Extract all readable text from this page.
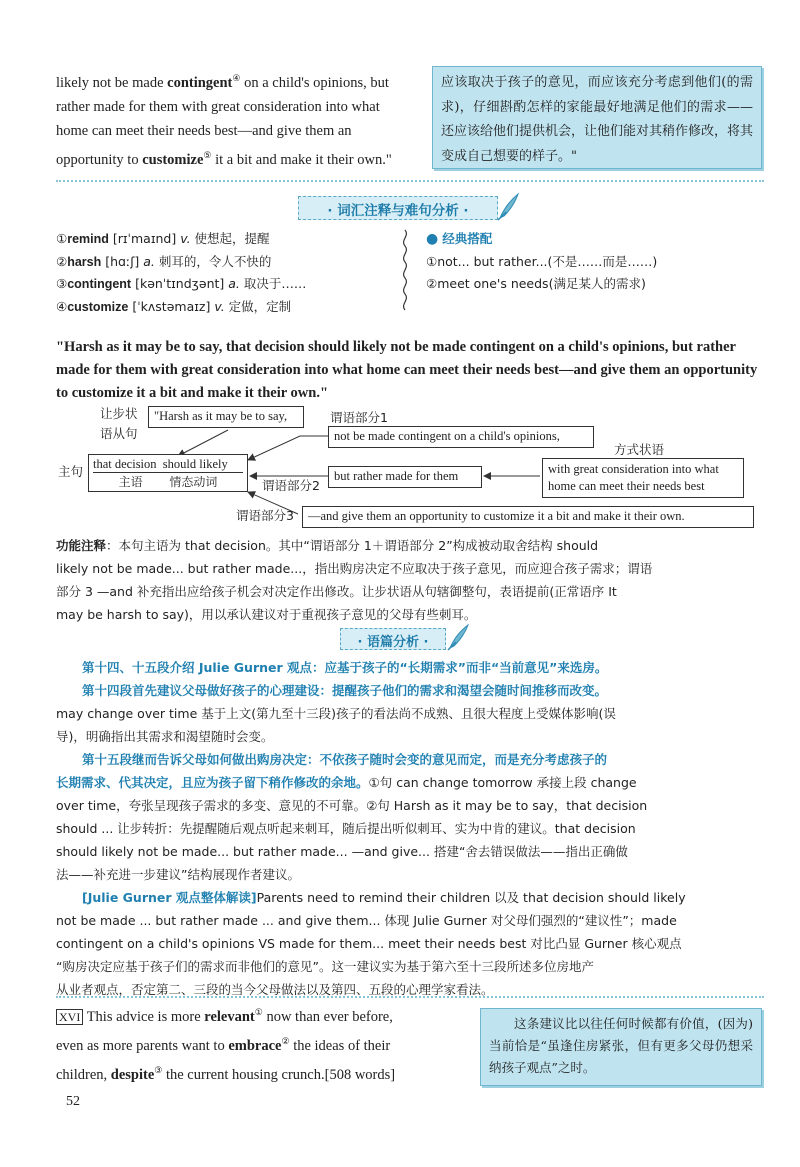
likely not be made contingent④ on a child's opinions, but
rather made for them with great consideration into what
home can meet their needs best—and give them an
opportunity to customize⑤ it a bit and make it their own."
应该取决于孩子的意见，而应该充分考虑到他们(的需求)，仔细斟酌怎样的家能最好地满足他们的需求——还应该给他们提供机会，让他们能对其稍作修改，将其变成自己想要的样子。"
· 词汇注释与难句分析 ·
①remind [rɪˈmaɪnd] v. 使想起，提醒
②harsh [hɑːʃ] a. 刺耳的，令人不快的
③contingent [kənˈtɪndʒənt] a. 取决于……
④customize [ˈkʌstəmaɪz] v. 定做，定制
● 经典搭配
①not... but rather...(不是……而是……)
②meet one's needs(满足某人的需求)
"Harsh as it may be to say, that decision should likely not be made contingent on a child's opinions, but rather made for them with great consideration into what home can meet their needs best—and give them an opportunity to customize it a bit and make it their own."
让步状
语从句
"Harsh as it may be to say,	谓语部分1
not be made contingent on a child's opinions,
主句 that decision should likely
主语 情态动词	谓语部分2
but rather made for them
方式状语
with great consideration into what
home can meet their needs best
谓语部分3	—and give them an opportunity to customize it a bit and make it their own.
功能注释：本句主语为 that decision。其中“谓语部分 1＋谓语部分 2”构成被动取舍结构 should
likely not be made... but rather made...，指出购房决定不应取决于孩子意见，而应迎合孩子需求；谓语
部分 3 —and 补充指出应给孩子机会对决定作出修改。让步状语从句辖御整句，表语提前(正常语序 It
may be harsh to say)，用以承认建议对于重视孩子意见的父母有些刺耳。
· 语篇分析 ·
第十四、十五段介绍 Julie Gurner 观点：应基于孩子的“长期需求”而非“当前意见”来选房。
第十四段首先建议父母做好孩子的心理建设：提醒孩子他们的需求和渴望会随时间推移而改变。
may change over time 基于上文(第九至十三段)孩子的看法尚不成熟、且很大程度上受媒体影响(误
导)，明确指出其需求和渴望随时会变。
第十五段继而告诉父母如何做出购房决定：不依孩子随时会变的意见而定，而是充分考虑孩子的
长期需求、代其决定，且应为孩子留下稍作修改的余地。①句 can change tomorrow 承接上段 change
over time，夸张呈现孩子需求的多变、意见的不可靠。②句 Harsh as it may be to say，that decision
should ... 让步转折：先提醒随后观点听起来刺耳，随后提出听似刺耳、实为中肯的建议。that decision
should likely not be made... but rather made... —and give... 搭建“舍去错误做法——指出正确做
法——补充进一步建议”结构展现作者建议。
[Julie Gurner 观点整体解读]Parents need to remind their children 以及 that decision should likely
not be made ... but rather made ... and give them... 体现 Julie Gurner 对父母们强烈的“建议性”；made
contingent on a child's opinions VS made for them... meet their needs best 对比凸显 Gurner 核心观点
“购房决定应基于孩子们的需求而非他们的意见”。这一建议实为基于第六至十三段所述多位房地产
从业者观点，否定第二、三段的当今父母做法以及第四、五段的心理学家看法。
XVI This advice is more relevant① now than ever before,
even as more parents want to embrace② the ideas of their
children, despite③ the current housing crunch.[508 words]
这条建议比以往任何时候都有价值，(因为)当前恰是“虽逢住房紧张，但有更多父母仍想采纳孩子观点”之时。
52
